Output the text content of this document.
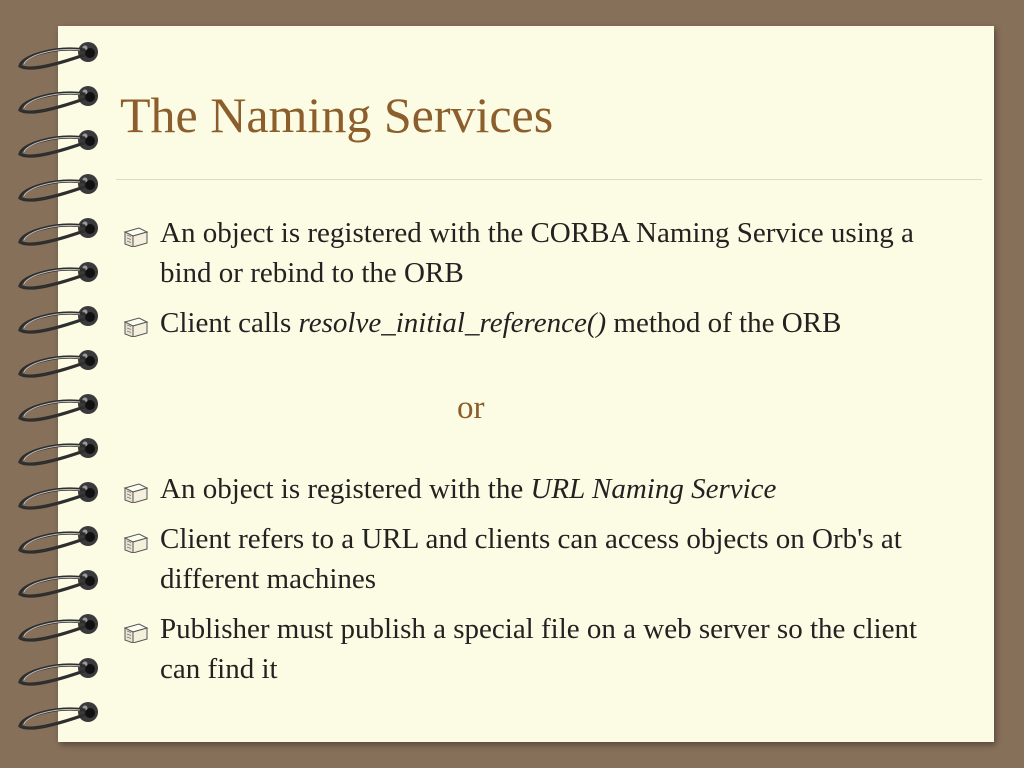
The Naming Services
An object is registered with the CORBA Naming Service using a bind or rebind to the ORB
Client calls resolve_initial_reference() method of the ORB
or
An object is registered with the URL Naming Service
Client refers to a URL and clients can access objects on Orb's at different machines
Publisher must publish a special file on a web server so the client can find it
